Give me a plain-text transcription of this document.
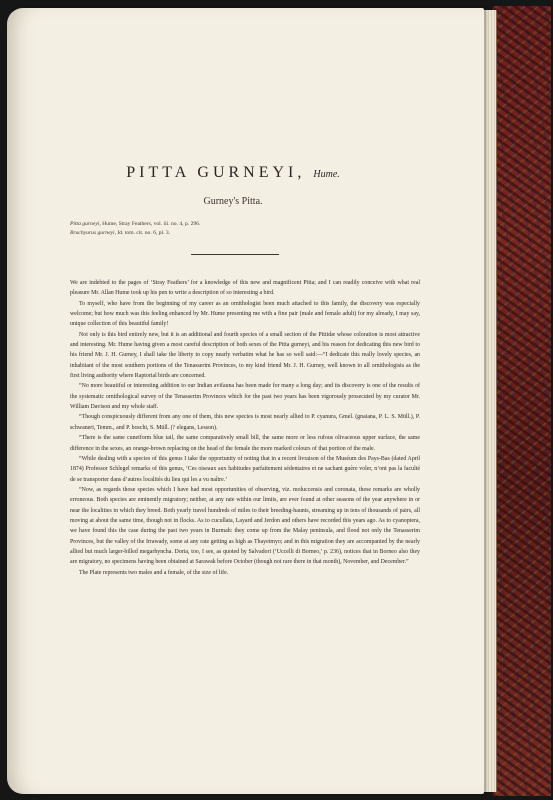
PITTA GURNEYI, Hume.
Gurney's Pitta.
Pitta gurneyi, Hume, Stray Feathers, vol. iii. no. 4, p. 296.
Brachyurus gurneyi, Id. tom. cit. no. 6, pl. 3.

We are indebted to the pages of ‘Stray Feathers’ for a knowledge of this new and magnificent Pitta; and I can readily conceive with what real pleasure Mr. Allan Hume took up his pen to write a description of so interesting a bird.

To myself, who have from the beginning of my career as an ornithologist been much attached to this family, the discovery was especially welcome; but how much was this feeling enhanced by Mr. Hume presenting me with a fine pair (male and female adult) for my already, I may say, unique collection of this beautiful family!

Not only is this bird entirely new, but it is an additional and fourth species of a small section of the Pittidæ whose coloration is most attractive and interesting. Mr. Hume having given a most careful description of both sexes of the Pitta gurneyi, and his reason for dedicating this new bird to his friend Mr. J. H. Gurney, I shall take the liberty to copy nearly verbatim what he has so well said:—“I dedicate this really lovely species, an inhabitant of the most southern portions of the Tenasserim Provinces, to my kind friend Mr. J. H. Gurney, well known to all ornithologists as the first living authority where Raptorial birds are concerned.

“No more beautiful or interesting addition to our Indian avifauna has been made for many a long day; and its discovery is one of the results of the systematic ornithological survey of the Tenasserim Provinces which for the past two years has been vigorously prosecuted by my curator Mr. William Davison and my whole staff.

“Though conspicuously different from any one of them, this new species is most nearly allied to P. cyanura, Gmel. (gnaiana, P. L. S. Müll.), P. schwaneri, Temm., and P. boschi, S. Müll. (? elegans, Lesson).

“There is the same cuneiform blue tail, the same comparatively small bill, the same more or less rufous olivaceous upper surface, the same difference in the sexes, an orange-brown replacing on the head of the female the more marked colours of that portion of the male.

“While dealing with a species of this genus I take the opportunity of noting that in a recent livraison of the Muséum des Pays-Bas (dated April 1874) Professor Schlegel remarks of this genus, ‘Ces oiseaux aux habitudes parfaitement sédentaires et ne sachant guère voler, n’ont pas la faculté de se transporter dans d’autres localités du lieu qui les a vu naître.’

“Now, as regards those species which I have had most opportunities of observing, viz. moluccensis and coronata, these remarks are wholly erroneous. Both species are eminently migratory; neither, at any rate within our limits, are ever found at other seasons of the year anywhere in or near the localities in which they breed. Both yearly travel hundreds of miles to their breeding-haunts, streaming up in tens of thousands of pairs, all moving at about the same time, though not in flocks. As to cucullata, Layard and Jerdon and others have recorded this years ago. As to cyanoptera, we have found this the case during the past two years in Burmah: they come up from the Malay peninsula, and flood not only the Tenasserim Provinces, but the valley of the Irrawady, some at any rate getting as high as Thayetmyo; and in this migration they are accompanied by the nearly allied but much larger-billed megarhyncha. Doria, too, I see, as quoted by Salvadori (‘Uccelli di Borneo,’ p. 236), notices that in Borneo also they are migratory, no specimens having been obtained at Sarawak before October (though not rare there in that month), November, and December.”

The Plate represents two males and a female, of the size of life.
